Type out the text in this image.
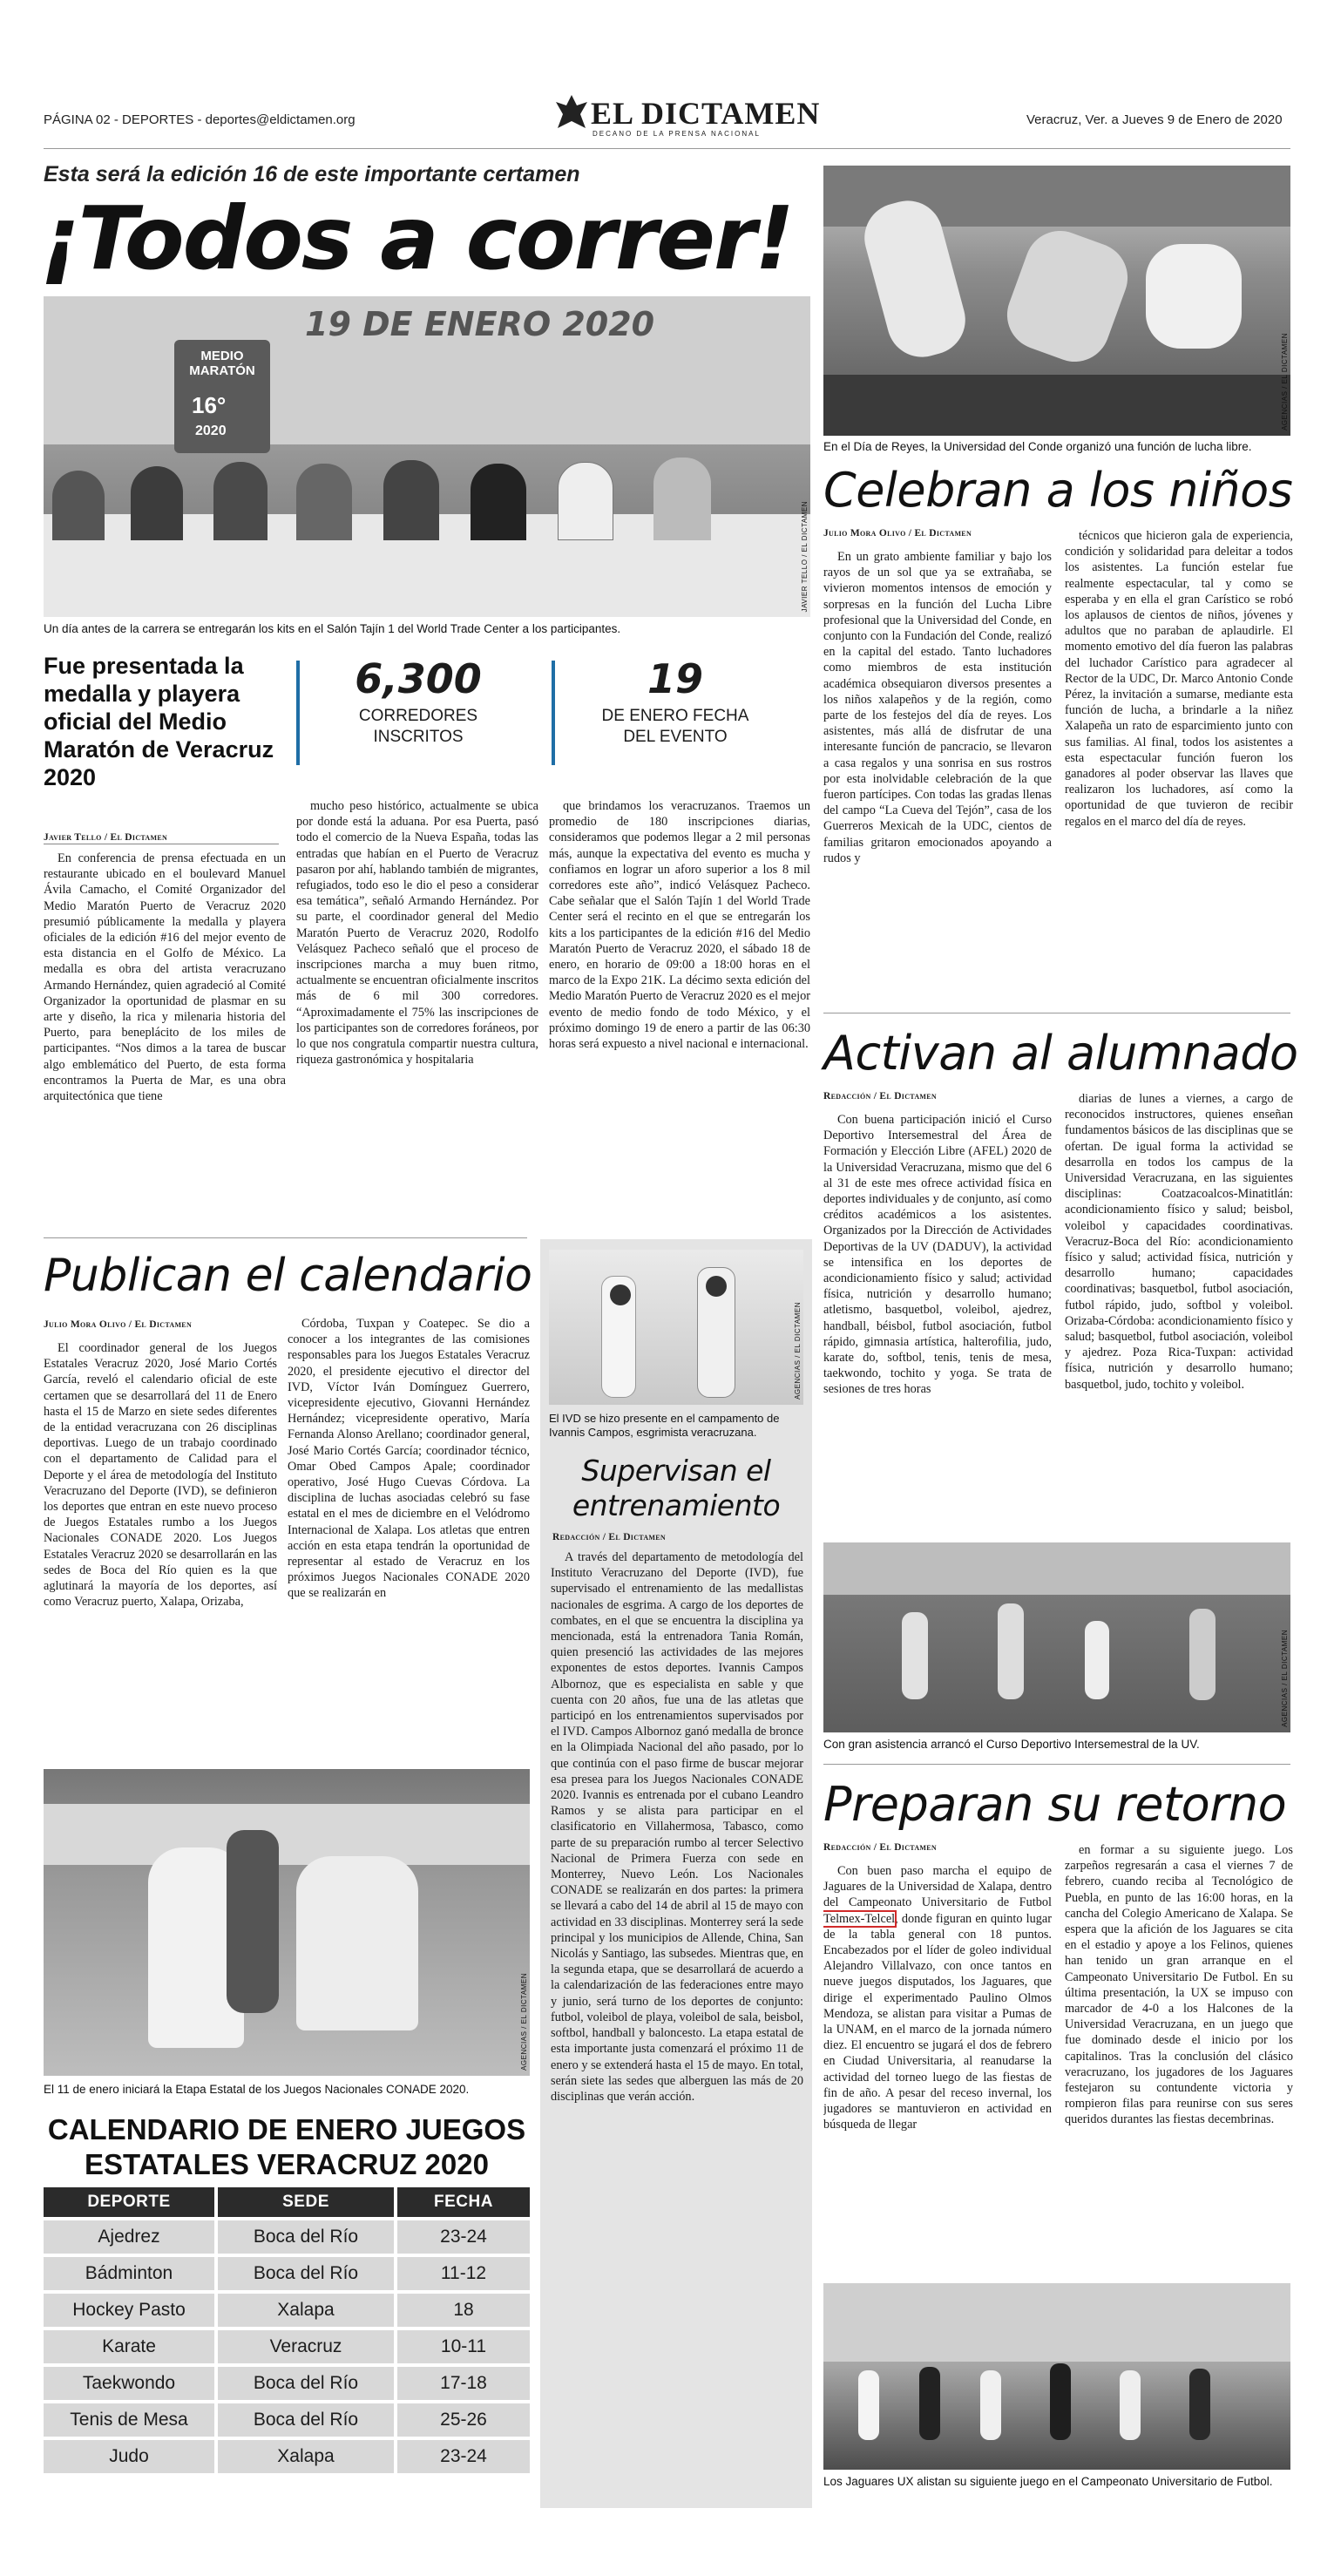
PÁGINA 02 - DEPORTES - deportes@eldictamen.org	EL DICTAMEN
DECANO DE LA PRENSA NACIONAL
Veracruz, Ver. a Jueves 9 de Enero de 2020
Esta será la edición 16 de este importante certamen
¡Todos a correr!
19 DE ENERO 2020
MEDIO MARATÓN
16°
2020
JAVIER TELLO / EL DICTAMEN
Un día antes de la carrera se entregarán los kits en el Salón Tajín 1 del World Trade Center a los participantes.
Fue presentada la medalla y playera oficial del Medio Maratón de Veracruz 2020
6,300
CORREDORES INSCRITOS
19
DE ENERO FECHA DEL EVENTO
Javier Tello / El Dictamen

En conferencia de prensa efectuada en un restaurante ubicado en el boulevard Manuel Ávila Camacho, el Comité Organizador del Medio Maratón Puerto de Veracruz 2020 presumió públicamente la medalla y playera oficiales de la edición #16 del mejor evento de esta distancia en el Golfo de México. La medalla es obra del artista veracruzano Armando Hernández, quien agradeció al Comité Organizador la oportunidad de plasmar en su arte y diseño, la rica y milenaria historia del Puerto, para beneplácito de los miles de participantes. “Nos dimos a la tarea de buscar algo emblemático del Puerto, de esta forma encontramos la Puerta de Mar, es una obra arquitectónica que tiene

mucho peso histórico, actualmente se ubica por donde está la aduana. Por esa Puerta, pasó todo el comercio de la Nueva España, todas las entradas que habían en el Puerto de Veracruz pasaron por ahí, hablando también de migrantes, refugiados, todo eso le dio el peso a considerar esa temática”, señaló Armando Hernández. Por su parte, el coordinador general del Medio Maratón Puerto de Veracruz 2020, Rodolfo Velásquez Pacheco señaló que el proceso de inscripciones marcha a muy buen ritmo, actualmente se encuentran oficialmente inscritos más de 6 mil 300 corredores. “Aproximadamente el 75% las inscripciones de los participantes son de corredores foráneos, por lo que nos congratula compartir nuestra cultura, riqueza gastronómica y hospitalaria

que brindamos los veracruzanos. Traemos un promedio de 180 inscripciones diarias, consideramos que podemos llegar a 2 mil personas más, aunque la expectativa del evento es mucha y confiamos en lograr un aforo superior a los 8 mil corredores este año”, indicó Velásquez Pacheco. Cabe señalar que el Salón Tajín 1 del World Trade Center será el recinto en el que se entregarán los kits a los participantes de la edición #16 del Medio Maratón Puerto de Veracruz 2020, el sábado 18 de enero, en horario de 09:00 a 18:00 horas en el marco de la Expo 21K. La décimo sexta edición del Medio Maratón Puerto de Veracruz 2020 es el mejor evento de medio fondo de todo México, y el próximo domingo 19 de enero a partir de las 06:30 horas será expuesto a nivel nacional e internacional.

Publican el calendario
Julio Mora Olivo / El Dictamen

El coordinador general de los Juegos Estatales Veracruz 2020, José Mario Cortés García, reveló el calendario oficial de este certamen que se desarrollará del 11 de Enero hasta el 15 de Marzo en siete sedes diferentes de la entidad veracruzana con 26 disciplinas deportivas. Luego de un trabajo coordinado con el departamento de Calidad para el Deporte y el área de metodología del Instituto Veracruzano del Deporte (IVD), se definieron los deportes que entran en este nuevo proceso de Juegos Estatales rumbo a los Juegos Nacionales CONADE 2020. Los Juegos Estatales Veracruz 2020 se desarrollarán en las sedes de Boca del Río quien es la que aglutinará la mayoría de los deportes, así como Veracruz puerto, Xalapa, Orizaba,

Córdoba, Tuxpan y Coatepec. Se dio a conocer a los integrantes de las comisiones responsables para los Juegos Estatales Veracruz 2020, el presidente ejecutivo el director del IVD, Víctor Iván Domínguez Guerrero, vicepresidente ejecutivo, Giovanni Hernández Hernández; vicepresidente operativo, María Fernanda Alonso Arellano; coordinador general, José Mario Cortés García; coordinador técnico, Omar Obed Campos Apale; coordinador operativo, José Hugo Cuevas Córdova. La disciplina de luchas asociadas celebró su fase estatal en el mes de diciembre en el Velódromo Internacional de Xalapa. Los atletas que entren acción en esta etapa tendrán la oportunidad de representar al estado de Veracruz en los próximos Juegos Nacionales CONADE 2020 que se realizarán en

AGENCIAS / EL DICTAMEN
El 11 de enero iniciará la Etapa Estatal de los Juegos Nacionales CONADE 2020.
CALENDARIO DE ENERO JUEGOS ESTATALES VERACRUZ 2020
DEPORTE	SEDE	FECHA
Ajedrez	Boca del Río	23-24
Bádminton	Boca del Río	11-12
Hockey Pasto	Xalapa	18
Karate	Veracruz	10-11
Taekwondo	Boca del Río	17-18
Tenis de Mesa	Boca del Río	25-26
Judo	Xalapa	23-24
AGENCIAS / EL DICTAMEN
El IVD se hizo presente en el campamento de Ivannis Campos, esgrimista veracruzana.
Supervisan el entrenamiento
Redacción / El Dictamen

A través del departamento de metodología del Instituto Veracruzano del Deporte (IVD), fue supervisado el entrenamiento de las medallistas nacionales de esgrima. A cargo de los deportes de combates, en el que se encuentra la disciplina ya mencionada, está la entrenadora Tania Román, quien presenció las actividades de las mejores exponentes de estos deportes. Ivannis Campos Albornoz, que es especialista en sable y que cuenta con 20 años, fue una de las atletas que participó en los entrenamientos supervisados por el IVD. Campos Albornoz ganó medalla de bronce en la Olimpiada Nacional del año pasado, por lo que continúa con el paso firme de buscar mejorar esa presea para los Juegos Nacionales CONADE 2020. Ivannis es entrenada por el cubano Leandro Ramos y se alista para participar en el clasificatorio en Villahermosa, Tabasco, como parte de su preparación rumbo al tercer Selectivo Nacional de Primera Fuerza con sede en Monterrey, Nuevo León. Los Nacionales CONADE se realizarán en dos partes: la primera se llevará a cabo del 14 de abril al 15 de mayo con actividad en 33 disciplinas. Monterrey será la sede principal y los municipios de Allende, China, San Nicolás y Santiago, las subsedes. Mientras que, en la segunda etapa, que se desarrollará de acuerdo a la calendarización de las federaciones entre mayo y junio, será turno de los deportes de conjunto: futbol, voleibol de playa, voleibol de sala, beisbol, softbol, handball y baloncesto. La etapa estatal de esta importante justa comenzará el próximo 11 de enero y se extenderá hasta el 15 de mayo. En total, serán siete las sedes que alberguen las más de 20 disciplinas que verán acción.

AGENCIAS / EL DICTAMEN
En el Día de Reyes, la Universidad del Conde organizó una función de lucha libre.
Celebran a los niños
Julio Mora Olivo / El Dictamen

En un grato ambiente familiar y bajo los rayos de un sol que ya se extrañaba, se vivieron momentos intensos de emoción y sorpresas en la función del Lucha Libre profesional que la Universidad del Conde, en conjunto con la Fundación del Conde, realizó en la capital del estado. Tanto luchadores como miembros de esta institución académica obsequiaron diversos presentes a los niños xalapeños y de la región, como parte de los festejos del día de reyes. Los asistentes, más allá de disfrutar de una interesante función de pancracio, se llevaron a casa regalos y una sonrisa en sus rostros por esta inolvidable celebración de la que fueron partícipes. Con todas las gradas llenas del campo “La Cueva del Tejón”, casa de los Guerreros Mexicah de la UDC, cientos de familias gritaron emocionados apoyando a rudos y

técnicos que hicieron gala de experiencia, condición y solidaridad para deleitar a todos los asistentes. La función estelar fue realmente espectacular, tal y como se esperaba y en ella el gran Carístico se robó los aplausos de cientos de niños, jóvenes y adultos que no paraban de aplaudirle. El momento emotivo del día fueron las palabras del luchador Carístico para agradecer al Rector de la UDC, Dr. Marco Antonio Conde Pérez, la invitación a sumarse, mediante esta función de lucha, a brindarle a la niñez Xalapeña un rato de esparcimiento junto con sus familias. Al final, todos los asistentes a esta espectacular función fueron los ganadores al poder observar las llaves que realizaron los luchadores, así como la oportunidad de que tuvieron de recibir regalos en el marco del día de reyes.

Activan al alumnado
Redacción / El Dictamen

Con buena participación inició el Curso Deportivo Intersemestral del Área de Formación y Elección Libre (AFEL) 2020 de la Universidad Veracruzana, mismo que del 6 al 31 de este mes ofrece actividad física en deportes individuales y de conjunto, así como créditos académicos a los asistentes. Organizados por la Dirección de Actividades Deportivas de la UV (DADUV), la actividad se intensifica en los deportes de acondicionamiento físico y salud; actividad física, nutrición y desarrollo humano; atletismo, basquetbol, voleibol, ajedrez, handball, béisbol, futbol asociación, futbol rápido, gimnasia artística, halterofilia, judo, karate do, softbol, tenis, tenis de mesa, taekwondo, tochito y yoga. Se trata de sesiones de tres horas

diarias de lunes a viernes, a cargo de reconocidos instructores, quienes enseñan fundamentos básicos de las disciplinas que se ofertan. De igual forma la actividad se desarrolla en todos los campus de la Universidad Veracruzana, en las siguientes disciplinas: Coatzacoalcos-Minatitlán: acondicionamiento físico y salud; beisbol, voleibol y capacidades coordinativas. Veracruz-Boca del Río: acondicionamiento físico y salud; actividad física, nutrición y desarrollo humano; capacidades coordinativas; basquetbol, futbol asociación, futbol rápido, judo, softbol y voleibol. Orizaba-Córdoba: acondicionamiento físico y salud; basquetbol, futbol asociación, voleibol y ajedrez. Poza Rica-Tuxpan: actividad física, nutrición y desarrollo humano; basquetbol, judo, tochito y voleibol.

AGENCIAS / EL DICTAMEN
Con gran asistencia arrancó el Curso Deportivo Intersemestral de la UV.
Preparan su retorno
Redacción / El Dictamen

Con buen paso marcha el equipo de Jaguares de la Universidad de Xalapa, dentro del Campeonato Universitario de Futbol Telmex-Telcel, donde figuran en quinto lugar de la tabla general con 18 puntos. Encabezados por el líder de goleo individual Alejandro Villalvazo, con once tantos en nueve juegos disputados, los Jaguares, que dirige el experimentado Paulino Olmos Mendoza, se alistan para visitar a Pumas de la UNAM, en el marco de la jornada número diez. El encuentro se jugará el dos de febrero en Ciudad Universitaria, al reanudarse la actividad del torneo luego de las fiestas de fin de año. A pesar del receso invernal, los jugadores se mantuvieron en actividad en búsqueda de llegar

en formar a su siguiente juego. Los zarpeños regresarán a casa el viernes 7 de febrero, cuando reciba al Tecnológico de Puebla, en punto de las 16:00 horas, en la cancha del Colegio Americano de Xalapa. Se espera que la afición de los Jaguares se cita en el estadio y apoye a los Felinos, quienes han tenido un gran arranque en el Campeonato Universitario De Futbol. En su última presentación, la UX se impuso con marcador de 4-0 a los Halcones de la Universidad Veracruzana, en un juego que fue dominado desde el inicio por los capitalinos. Tras la conclusión del clásico veracruzano, los jugadores de los Jaguares festejaron su contundente victoria y rompieron filas para reunirse con sus seres queridos durantes las fiestas decembrinas.

Los Jaguares UX alistan su siguiente juego en el Campeonato Universitario de Futbol.
